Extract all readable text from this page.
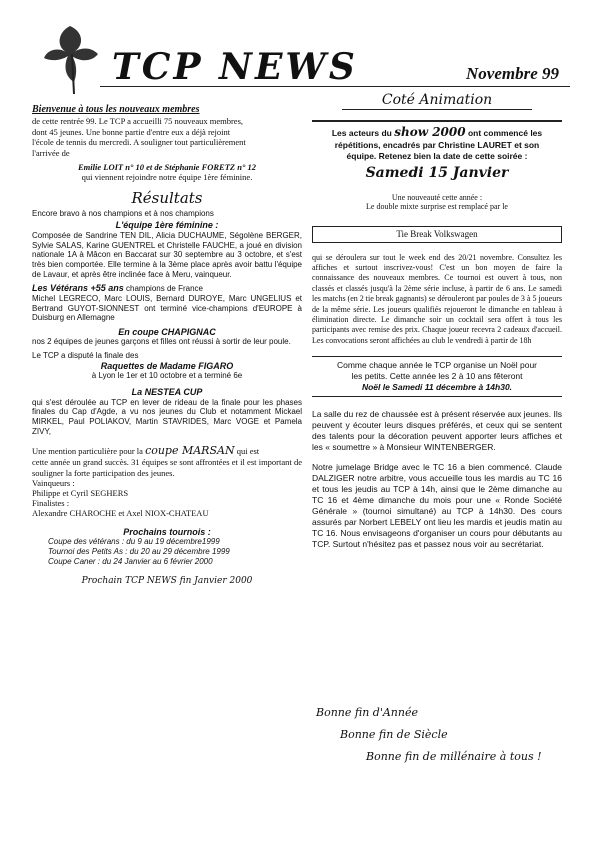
TCP NEWS	Novembre 99
Bienvenue à tous les nouveaux membres
de cette rentrée 99. Le TCP a accueilli 75 nouveaux membres,
dont 45 jeunes. Une bonne partie d'entre eux a déjà rejoint
l'école de tennis du mercredi. A souligner tout particulièrement
l'arrivée de
Emilie LOIT n° 10 et de Stéphanie FORETZ n° 12
qui viennent rejoindre notre équipe 1ère féminine.
Résultats
Encore bravo à nos champions et à nos champions
L'équipe 1ère féminine :

Composée de Sandrine TEN DIL, Alicia DUCHAUME, Ségolène BERGER, Sylvie SALAS, Karine GUENTREL et Christelle FAUCHE, a joué en division nationale 1A à Mâcon en Baccarat sur 30 septembre au 3 octobre, et s'est très bien comportée. Elle termine à la 3ème place après avoir battu l'équipe de Lavaur, et après être inclinée face à Meru, vainqueur.

Les Vétérans +55 ans champions de France

Michel LEGRECO, Marc LOUIS, Bernard DUROYE, Marc UNGELIUS et Bertrand GUYOT-SIONNEST ont terminé vice-champions d'EUROPE à Duisburg en Allemagne

En coupe CHAPIGNAC

nos 2 équipes de jeunes garçons et filles ont réussi à sortir de leur poule.

Le TCP a disputé la finale des
Raquettes de Madame FIGARO
à Lyon le 1er et 10 octobre et a terminé 6e
La NESTEA CUP

qui s'est déroulée au TCP en lever de rideau de la finale pour les phases finales du Cap d'Agde, a vu nos jeunes du Club et notamment Mickael MIRKEL, Paul POLIAKOV, Martin STAVRIDES, Marc VOGE et Pamela ZIVY,

Une mention particulière pour la coupe MARSAN qui est

cette année un grand succès. 31 équipes se sont affrontées et il est important de souligner la forte participation des jeunes.

Vainqueurs :
Philippe et Cyril SEGHERS
Finalistes :
Alexandre CHAROCHE et Axel NIOX-CHATEAU
Prochains tournois :
Coupe des vétérans : du 9 au 19 décembre1999
Tournoi des Petits As : du 20 au 29 décembre 1999
Coupe Caner : du 24 Janvier au 6 février 2000
Prochain TCP NEWS fin Janvier 2000
Coté Animation
Les acteurs du show 2000 ont commencé les
répétitions, encadrés par Christine LAURET et son
équipe. Retenez bien la date de cette soirée :
Samedi 15 Janvier
Une nouveauté cette année :
Le double mixte surprise est remplacé par le
Tie Break Volkswagen

qui se déroulera sur tout le week end des 20/21 novembre. Consultez les affiches et surtout inscrivez-vous! C'est un bon moyen de faire la connaissance des nouveaux membres. Ce tournoi est ouvert à tous, non classés et classés jusqu'à la 2ème série incluse, à partir de 6 ans. Le samedi les matchs (en 2 tie break gagnants) se dérouleront par poules de 3 à 5 joueurs de la même série. Les joueurs qualifiés rejoueront le dimanche en tableau à élimination directe. Le dimanche soir un cocktail sera offert à tous les participants avec remise des prix. Chaque joueur recevra 2 cadeaux d'accueil. Les convocations seront affichées au club le vendredi à partir de 18h

Comme chaque année le TCP organise un Noël pour
les petits. Cette année les 2 à 10 ans fêteront
Noël le Samedi 11 décembre à 14h30.

La salle du rez de chaussée est à présent réservée aux jeunes. Ils peuvent y écouter leurs disques préférés, et ceux qui se sentent des talents pour la décoration peuvent apporter leurs affiches et les « soumettre » à Monsieur WINTENBERGER.

Notre jumelage Bridge avec le TC 16 a bien commencé. Claude DALZIGER notre arbitre, vous accueille tous les mardis au TC 16 et tous les jeudis au TCP à 14h, ainsi que le 2ème dimanche au TC 16 et 4ème dimanche du mois pour une « Ronde Société Générale » (tournoi simultané) au TCP à 14h30. Des cours assurés par Norbert LEBELY ont lieu les mardis et jeudis matin au TC 16. Nous envisageons d'organiser un cours pour débutants au TCP. Surtout n'hésitez pas et passez nous voir au secrétariat.

Bonne fin d'Année
Bonne fin de Siècle
Bonne fin de millénaire à tous !
